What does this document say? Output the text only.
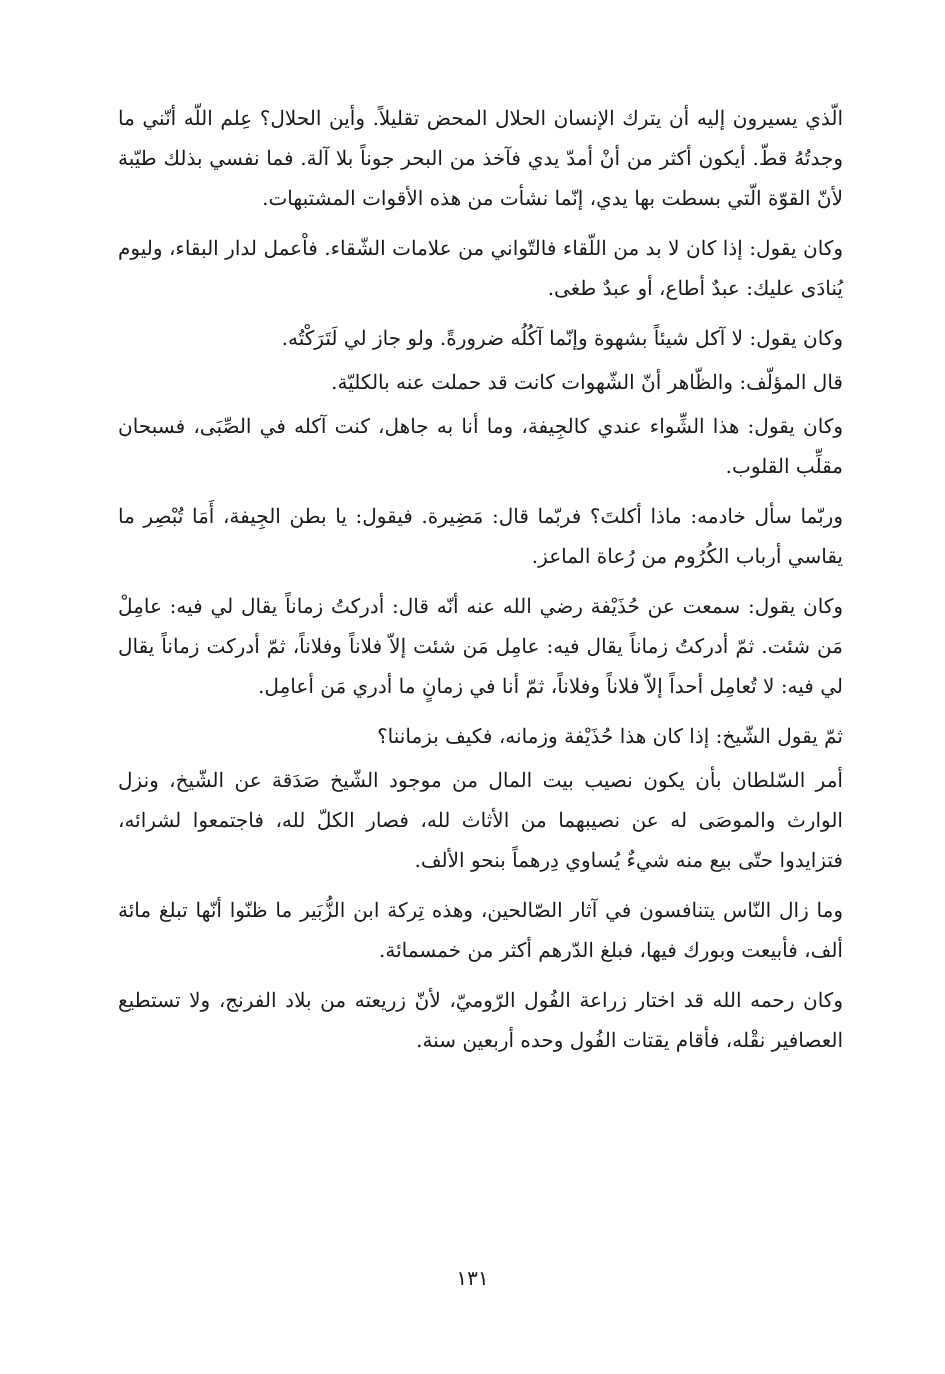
الّذي يسيرون إليه أن يترك الإنسان الحلال المحض تقليلاً. وأين الحلال؟ عِلم اللّه أنّني ما وجدتُهُ قطّ. أيكون أكثر من أنْ أمدّ يدي فآخذ من البحر جوناً بلا آلة. فما نفسي بذلك طيّبة لأنّ القوّة الّتي بسطت بها يدي، إنّما نشأت من هذه الأقوات المشتبهات.

وكان يقول: إذا كان لا بد من اللّقاء فالتّواني من علامات الشّقاء. فاْعمل لدار البقاء، وليوم يُنادَى عليك: عبدٌ أطاع، أو عبدٌ طغى.

وكان يقول: لا آكل شيئاً بشهوة وإنّما آكُلُه ضرورةً. ولو جاز لي لَتَرَكْتُه.

قال المؤلّف: والظّاهر أنّ الشّهوات كانت قد حملت عنه بالكليّة.

وكان يقول: هذا الشِّواء عندي كالجِيفة، وما أنا به جاهل، كنت آكله في الصِّبَى، فسبحان مقلِّب القلوب.

وربّما سأل خادمه: ماذا أكلتَ؟ فربّما قال: مَضِيرة. فيقول: يا بطن الجِيفة، أَمَا تُبْصِر ما يقاسي أرباب الكُرُوم من رُعاة الماعز.

وكان يقول: سمعت عن حُذَيْفة رضي الله عنه أنّه قال: أدركتُ زماناً يقال لي فيه: عامِلْ مَن شئت. ثمّ أدركتُ زماناً يقال فيه: عامِل مَن شئت إلاّ فلاناً وفلاناً، ثمّ أدركت زماناً يقال لي فيه: لا تُعامِل أحداً إلاّ فلاناً وفلاناً، ثمّ أنا في زمانٍ ما أدري مَن أعامِل.

ثمّ يقول الشّيخ: إذا كان هذا حُذَيْفة وزمانه، فكيف بزماننا؟

أمر السّلطان بأن يكون نصيب بيت المال من موجود الشّيخ صَدَقة عن الشّيخ، ونزل الوارث والموصَى له عن نصيبهما من الأثاث لله، فصار الكلّ لله، فاجتمعوا لشرائه، فتزايدوا حتّى بيع منه شيءٌ يُساوي دِرهماً بنحو الألف.

وما زال النّاس يتنافسون في آثار الصّالحين، وهذه تِركة ابن الزُّبَير ما ظنّوا أنّها تبلغ مائة ألف، فأبيعت وبورك فيها، فبلغ الدّرهم أكثر من خمسمائة.

وكان رحمه الله قد اختار زراعة الفُول الرّوميّ، لأنّ زريعته من بلاد الفرنج، ولا تستطيع العصافير نقْله، فأقام يقتات الفُول وحده أربعين سنة.

١٣١
